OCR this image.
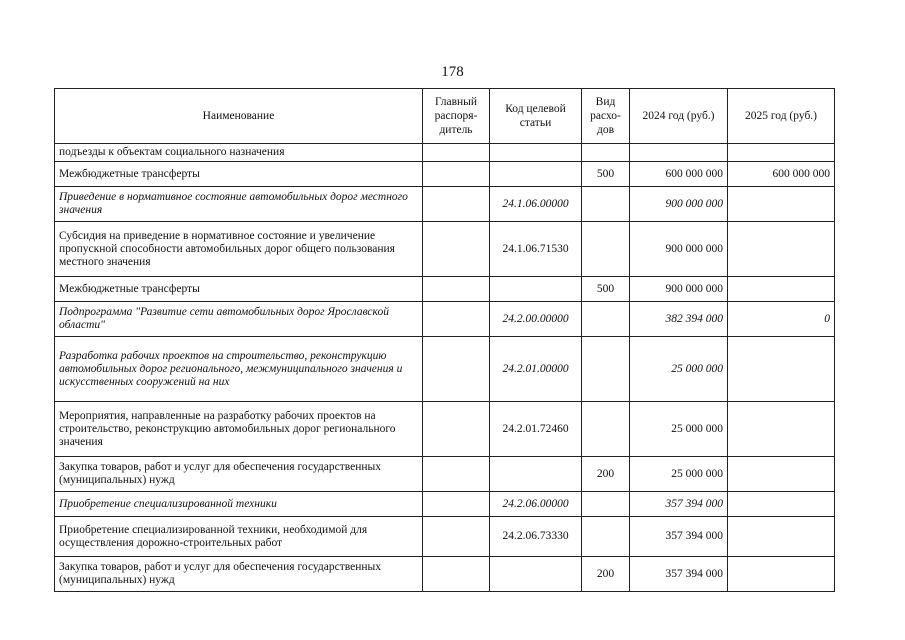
178
Наименование	Главный распоря-дитель	Код целевой статьи	Вид расхо-дов	2024 год (руб.)	2025 год (руб.)
подъезды к объектам социального назначения					
Межбюджетные трансферты			500	600 000 000	600 000 000
Приведение в нормативное состояние автомобильных дорог местного значения		24.1.06.00000		900 000 000	
Субсидия на приведение в нормативное состояние и увеличение пропускной способности автомобильных дорог общего пользования местного значения		24.1.06.71530		900 000 000	
Межбюджетные трансферты			500	900 000 000	
Подпрограмма "Развитие сети автомобильных дорог Ярославской области"		24.2.00.00000		382 394 000	0
Разработка рабочих проектов на строительство, реконструкцию автомобильных дорог регионального, межмуниципального значения и искусственных сооружений на них		24.2.01.00000		25 000 000	
Мероприятия, направленные на разработку рабочих проектов на строительство, реконструкцию автомобильных дорог регионального значения		24.2.01.72460		25 000 000	
Закупка товаров, работ и услуг для обеспечения государственных (муниципальных) нужд			200	25 000 000	
Приобретение специализированной техники		24.2.06.00000		357 394 000	
Приобретение специализированной техники, необходимой для осуществления дорожно-строительных работ		24.2.06.73330		357 394 000	
Закупка товаров, работ и услуг для обеспечения государственных (муниципальных) нужд			200	357 394 000	
